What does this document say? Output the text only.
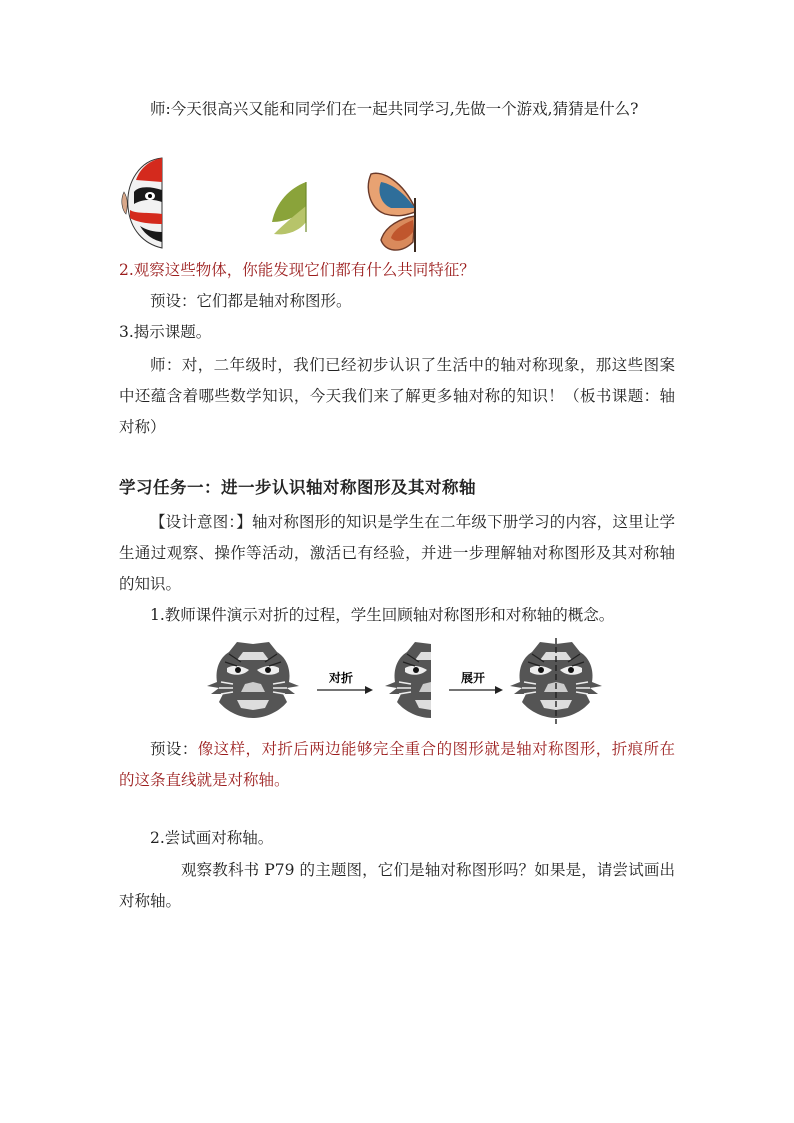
师:今天很高兴又能和同学们在一起共同学习,先做一个游戏,猜猜是什么?
2.观察这些物体，你能发现它们都有什么共同特征？
预设：它们都是轴对称图形。
3.揭示课题。
师：对，二年级时，我们已经初步认识了生活中的轴对称现象，那这些图案中还蕴含着哪些数学知识，今天我们来了解更多轴对称的知识！（板书课题：轴对称）
学习任务一：进一步认识轴对称图形及其对称轴
【设计意图：】轴对称图形的知识是学生在二年级下册学习的内容，这里让学生通过观察、操作等活动，激活已有经验，并进一步理解轴对称图形及其对称轴的知识。
1.教师课件演示对折的过程，学生回顾轴对称图形和对称轴的概念。
对折	展开
预设：像这样，对折后两边能够完全重合的图形就是轴对称图形，折痕所在的这条直线就是对称轴。
2.尝试画对称轴。
观察教科书 P79 的主题图，它们是轴对称图形吗？如果是，请尝试画出对称轴。
